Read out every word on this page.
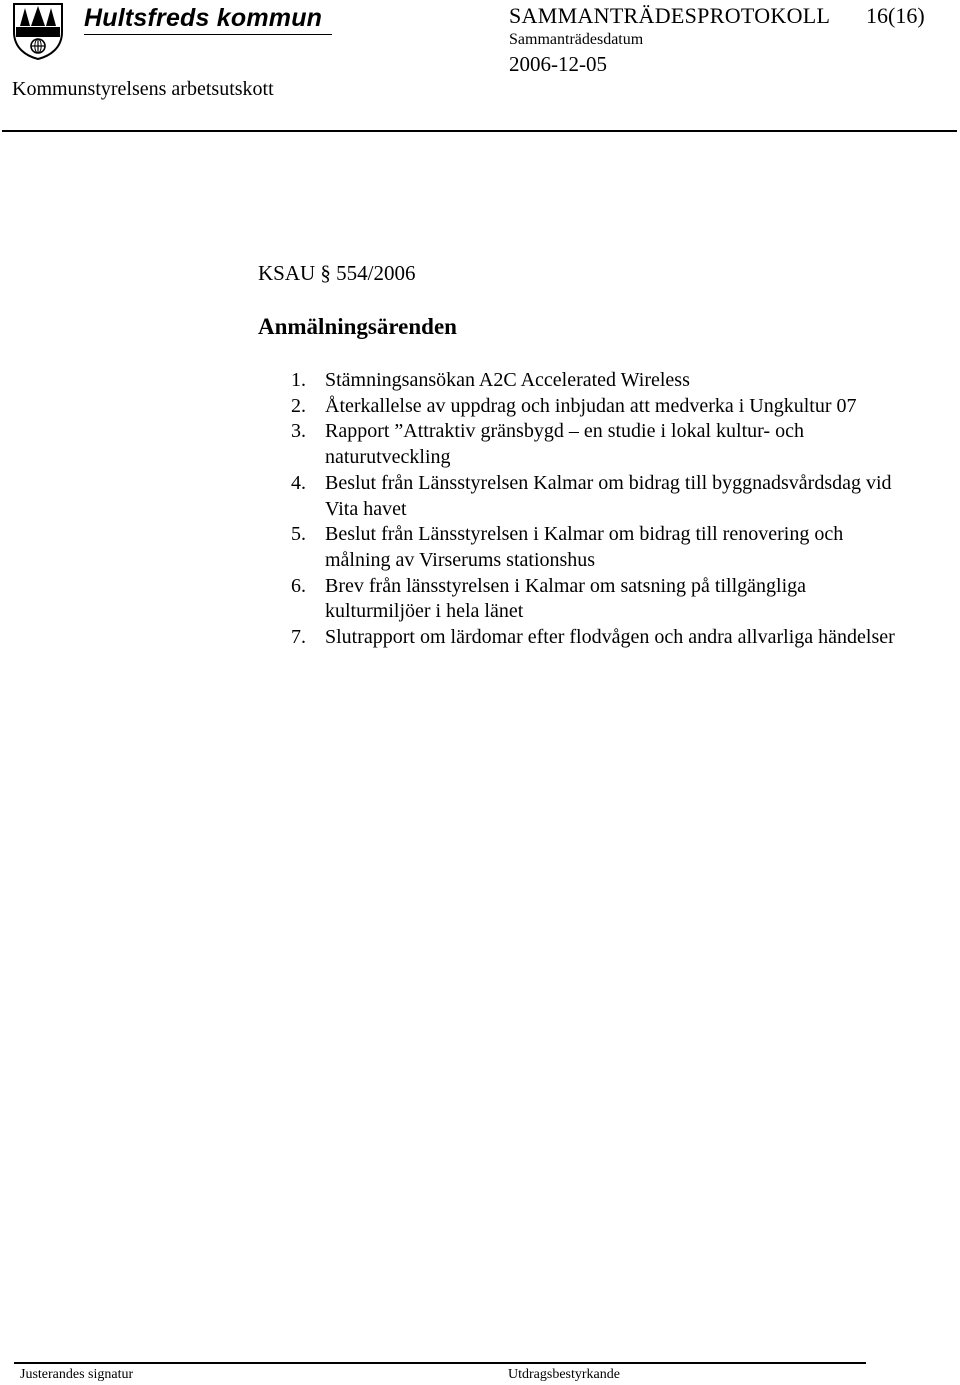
Hultsfreds kommun
Kommunstyrelsens arbetsutskott
SAMMANTRÄDESPROTOKOLL 16(16)
Sammanträdesdatum
2006-12-05
KSAU § 554/2006
Anmälningsärenden
1. Stämningsansökan A2C Accelerated Wireless
2. Återkallelse av uppdrag och inbjudan att medverka i Ungkultur 07
3. Rapport ”Attraktiv gränsbygd – en studie i lokal kultur- och naturutveckling
4. Beslut från Länsstyrelsen Kalmar om bidrag till byggnadsvårdsdag vid Vita havet
5. Beslut från Länsstyrelsen i Kalmar om bidrag till renovering och målning av Virserums stationshus
6. Brev från länsstyrelsen i Kalmar om satsning på tillgängliga kulturmiljöer i hela länet
7. Slutrapport om lärdomar efter flodvågen och andra allvarliga händelser
Justerandes signatur	Utdragsbestyrkande
